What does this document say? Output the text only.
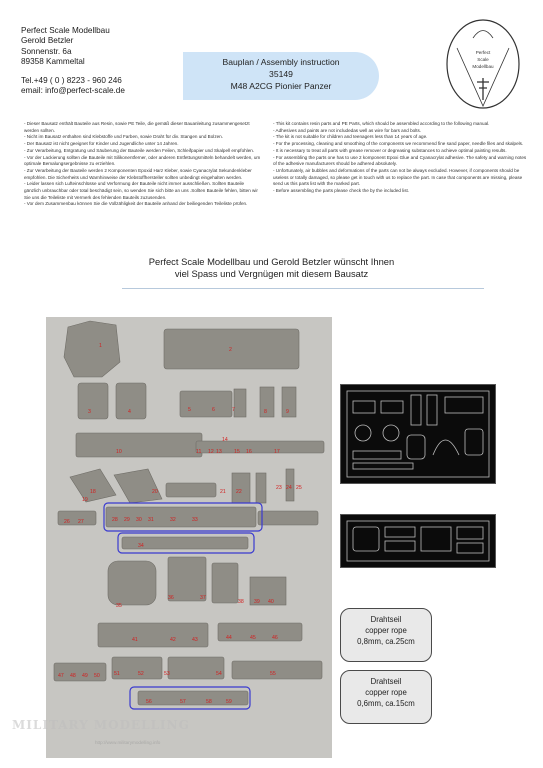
Perfect Scale Modellbau
Gerold Betzler
Sonnenstr. 6a
89358 Kammeltal
Tel.+49 ( 0 ) 8223 - 960 246
email: info@perfect-scale.de
Bauplan / Assembly instruction
35149
M48 A2CG Pionier Panzer
Perfect
Scale
Modellbau

- Dieser Bausatz enthält Bauteile aus Resin, sowie PE Teile, die gemäß dieser Bauanleitung zusammengesetzt werden sollten.

- Nicht im Bausatz enthalten sind Klebstoffe und Farben, sowie Draht für div. Stangen und Bolzen.

- Der Bausatz ist nicht geeignet für Kinder und Jugendliche unter 14 Jahren.

- Zur Verarbeitung, Entgratung und Säuberung der Bauteile werden Feilen, Schleifpapier und Skalpell empfohlen.

- Vor der Lackierung sollten die Bauteile mit Silikonentferner, oder anderen Entfettungsmitteln behandelt werden, um optimale Bemalungsergebnisse zu erziehlen.

- Zur Verarbeitung der Bauteile werden 2 Komponenten Epoxid Harz Kleber, sowie Cyanacrylat Sekundenkleber empfohlen. Die Sicherheits und Warnhinweise der Klebstoffhersteller sollten unbedingt eingehalten werden.

- Leider lassen sich Lufteinschlüsse und Verformung der Bauteile nicht immer ausschließen. Sollten Bauteile gänzlich unbrauchbar oder total beschädigt sein, so wenden Sie sich bitte an uns .Sollten Bauteile fehlen, bitten wir Sie uns die Teileliste mit Vermerk des fehlenden Bauteils zuzusenden.

- Vor dem Zusammenbau können Sie die Vollzähligkeit der Bauteile anhand der beiliegenden Teileliste prüfen.

- This kit contains resin parts and PE Parts, which should be assembled according to the following manual.

- Adhesives and paints are not includedas well as wire for bars and bolts.

- The kit is not suitable for children and teenagers less than 14 years of age.

- For the processing, cleaning and smoothing of the components we recommend fine sand paper, needle files and skalpels.

- It is necessary to treat all parts with grease remover or degreasing substances to achieve optimal painting results.

- For assembling the parts one has to use 2 komponent Epoxi Glue and Cyanacrylat adhesive. The safety and warning notes of the adhesive manufacturers should be adhered absolutely.

- Unfortunately, air bubbles and deformations of the parts can not be always excluded. However, if components should be useless or totally damaged, so please get in touch with us to replace the part. In case that components are missing, please send us this parts list with the marked part.

- Before assembling the parts please check the by the included list.

Perfect Scale Modellbau und Gerold Betzler wünscht Ihnen
viel Spass und Vergnügen mit diesem Bausatz
1
2
3	4	5	6	7	8	9
10	11 12 13
14
15 16	17
18
19
20	21 22
23 24 25
26 27	28 29 30 31	32	33
34
35
36	37
38 39 40
41	42	43	44	45	46
47 48 49 50	51	52	53	54	55
56	57	58	59
Drahtseil
copper rope
0,8mm, ca.25cm
Drahtseil
copper rope
0,6mm, ca.15cm
MILITARY MODELLING
http://www.militarymodelling.info
